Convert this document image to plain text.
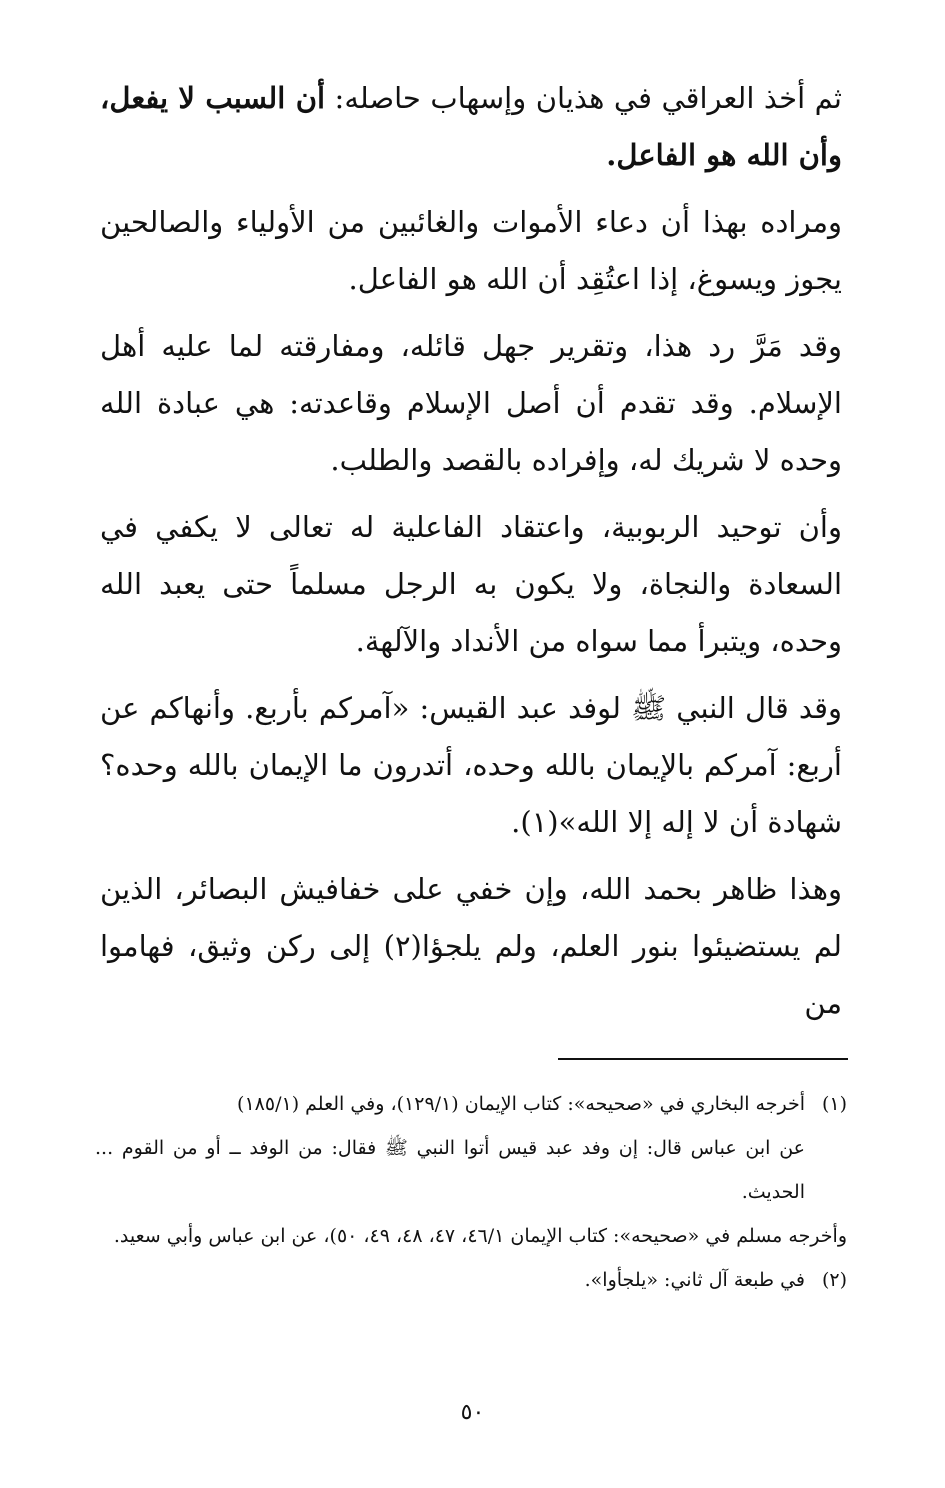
ثم أخذ العراقي في هذيان وإسهاب حاصله: أن السبب لا يفعل، وأن الله هو الفاعل.

ومراده بهذا أن دعاء الأموات والغائبين من الأولياء والصالحين يجوز ويسوغ، إذا اعتُقِد أن الله هو الفاعل.

وقد مَرَّ رد هذا، وتقرير جهل قائله، ومفارقته لما عليه أهل الإسلام. وقد تقدم أن أصل الإسلام وقاعدته: هي عبادة الله وحده لا شريك له، وإفراده بالقصد والطلب.

وأن توحيد الربوبية، واعتقاد الفاعلية له تعالى لا يكفي في السعادة والنجاة، ولا يكون به الرجل مسلماً حتى يعبد الله وحده، ويتبرأ مما سواه من الأنداد والآلهة.

وقد قال النبي ﷺ لوفد عبد القيس: «آمركم بأربع. وأنهاكم عن أربع: آمركم بالإيمان بالله وحده، أتدرون ما الإيمان بالله وحده؟ شهادة أن لا إله إلا الله»(١).

وهذا ظاهر بحمد الله، وإن خفي على خفافيش البصائر، الذين لم يستضيئوا بنور العلم، ولم يلجؤا(٢) إلى ركن وثيق، فهاموا من

(١)أخرجه البخاري في «صحيحه»: كتاب الإيمان (١٢٩/١)، وفي العلم (١٨٥/١)

عن ابن عباس قال: إن وفد عبد قيس أتوا النبي ﷺ فقال: من الوفد ــ أو من القوم ... الحديث.

وأخرجه مسلم في «صحيحه»: كتاب الإيمان ٤٦/١، ٤٧، ٤٨، ٤٩، ٥٠)، عن ابن عباس وأبي سعيد.

(٢)في طبعة آل ثاني: «يلجأوا».

٥٠
